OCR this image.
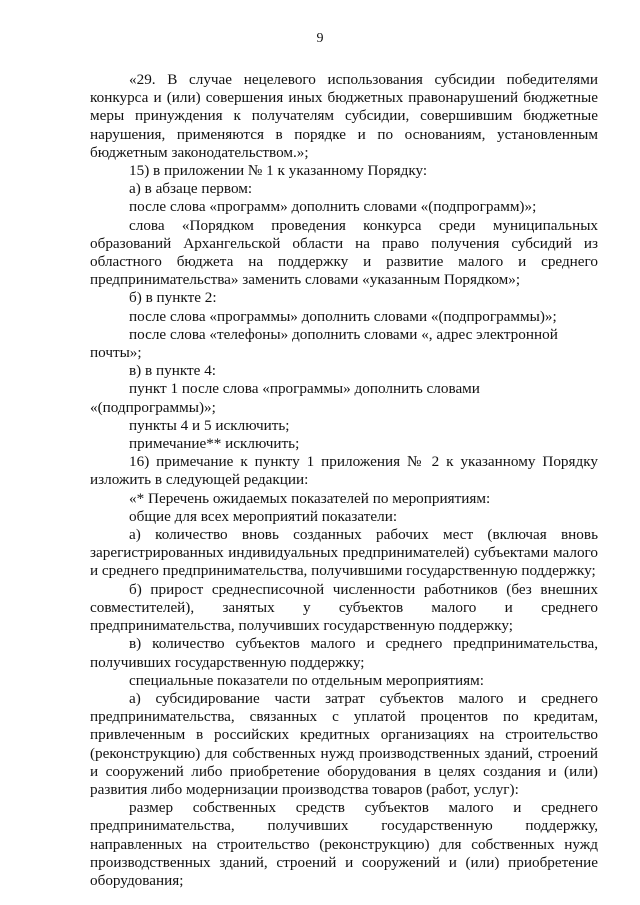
9

«29. В случае нецелевого использования субсидии победителями конкурса и (или) совершения иных бюджетных правонарушений бюджетные меры принуждения к получателям субсидии, совершившим бюджетные нарушения, применяются в порядке и по основаниям, установленным бюджетным законодательством.»;

15) в приложении № 1 к указанному Порядку:

а) в абзаце первом:

после слова «программ» дополнить словами «(подпрограмм)»;

слова «Порядком проведения конкурса среди муниципальных образований Архангельской области на право получения субсидий из областного бюджета на поддержку и развитие малого и среднего предпринимательства» заменить словами «указанным Порядком»;

б) в пункте 2:

после слова «программы» дополнить словами «(подпрограммы)»;

после слова «телефоны» дополнить словами «, адрес электронной почты»;

в) в пункте 4:

пункт 1 после слова «программы» дополнить словами «(подпрограммы)»;

пункты 4 и 5 исключить;

примечание** исключить;

16) примечание к пункту 1 приложения № 2 к указанному Порядку изложить в следующей редакции:

«* Перечень ожидаемых показателей по мероприятиям:

общие для всех мероприятий показатели:

а) количество вновь созданных рабочих мест (включая вновь зарегистрированных индивидуальных предпринимателей) субъектами малого и среднего предпринимательства, получившими государственную поддержку;

б) прирост среднесписочной численности работников (без внешних совместителей), занятых у субъектов малого и среднего предпринимательства, получивших государственную поддержку;

в) количество субъектов малого и среднего предпринимательства, получивших государственную поддержку;

специальные показатели по отдельным мероприятиям:

а) субсидирование части затрат субъектов малого и среднего предпринимательства, связанных с уплатой процентов по кредитам, привлеченным в российских кредитных организациях на строительство (реконструкцию) для собственных нужд производственных зданий, строений и сооружений либо приобретение оборудования в целях создания и (или) развития либо модернизации производства товаров (работ, услуг):

размер собственных средств субъектов малого и среднего предпринимательства, получивших государственную поддержку, направленных на строительство (реконструкцию) для собственных нужд производственных зданий, строений и сооружений и (или) приобретение оборудования;
